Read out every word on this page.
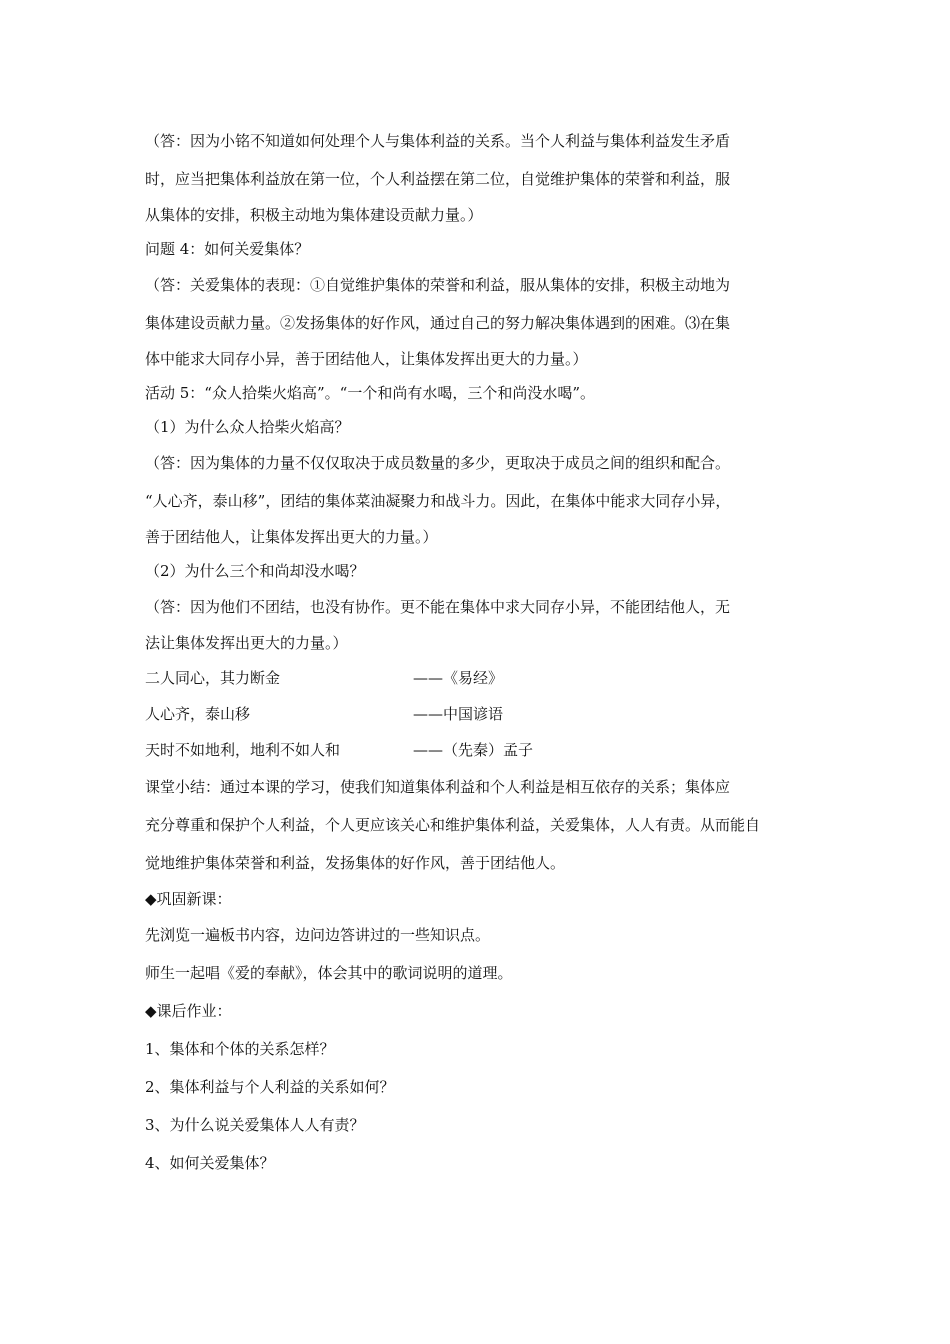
（答：因为小铭不知道如何处理个人与集体利益的关系。当个人利益与集体利益发生矛盾

时，应当把集体利益放在第一位，个人利益摆在第二位，自觉维护集体的荣誉和利益，服

从集体的安排，积极主动地为集体建设贡献力量。）

问题 4：如何关爱集体？

（答：关爱集体的表现：①自觉维护集体的荣誉和利益，服从集体的安排，积极主动地为

集体建设贡献力量。②发扬集体的好作风，通过自己的努力解决集体遇到的困难。⑶在集

体中能求大同存小异，善于团结他人，让集体发挥出更大的力量。）

活动 5：“众人拾柴火焰高”。“一个和尚有水喝，三个和尚没水喝”。

（1）为什么众人拾柴火焰高？

（答：因为集体的力量不仅仅取决于成员数量的多少，更取决于成员之间的组织和配合。

“人心齐，泰山移”，团结的集体菜油凝聚力和战斗力。因此，在集体中能求大同存小异，

善于团结他人，让集体发挥出更大的力量。）

（2）为什么三个和尚却没水喝？

（答：因为他们不团结，也没有协作。更不能在集体中求大同存小异，不能团结他人，无

法让集体发挥出更大的力量。）

二人同心，其力断金	——《易经》
人心齐，泰山移	——中国谚语
天时不如地利，地利不如人和	——（先秦）孟子

课堂小结：通过本课的学习，使我们知道集体利益和个人利益是相互依存的关系；集体应

充分尊重和保护个人利益，个人更应该关心和维护集体利益，关爱集体，人人有责。从而能自

觉地维护集体荣誉和利益，发扬集体的好作风，善于团结他人。

◆巩固新课：

先浏览一遍板书内容，边问边答讲过的一些知识点。

师生一起唱《爱的奉献》，体会其中的歌词说明的道理。

◆课后作业：

1、集体和个体的关系怎样？

2、集体利益与个人利益的关系如何？

3、为什么说关爱集体人人有责？

4、如何关爱集体？
